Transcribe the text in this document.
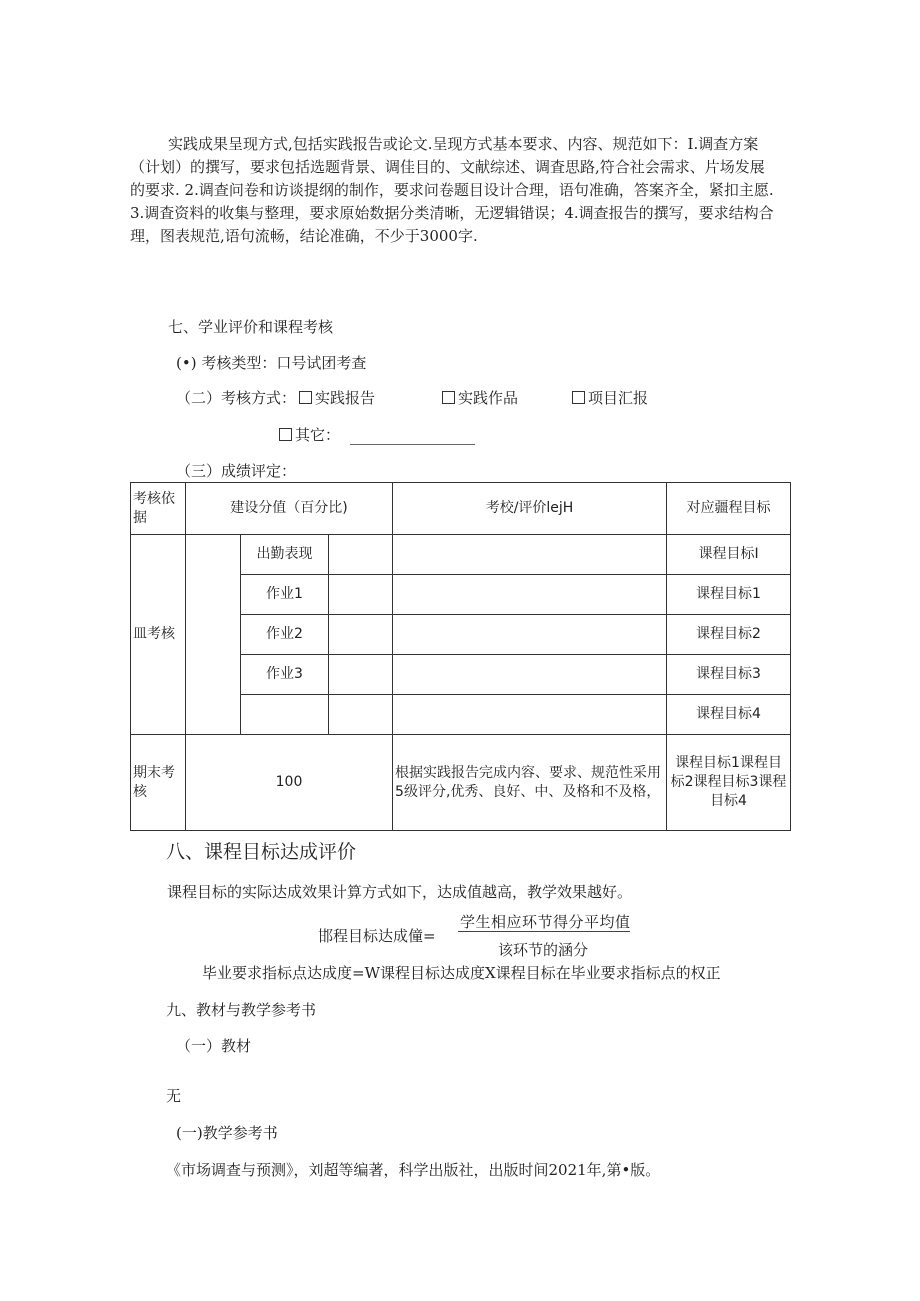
实践成果呈现方式,包括实践报告或论文.呈现方式基本要求、内容、规范如下：I.调查方案
（计划）的撰写，要求包括选题背景、调佳目的、文献综述、调査思路,符合社会需求、片场发展
的要求. 2.调查问卷和访谈提纲的制作，要求问卷题目设计合理，语句准确，答案齐全，紧扣主愿.
3.调査资料的收集与整理，要求原始数据分类清晰，无逻辑错误；4.调查报告的撰写，要求结构合
理，图表规范,语句流畅，结论准确，不少于3000字.
七、学业评价和课程考核
(•) 考核类型：口号试团考查
（二）考核方式：	实践报告	实践作品	项目汇报
其它：
（三）成绩评定：
考核依据	建设分值（百分比)			考校/评价lejH	对应疆程目标
皿考核		出勤表现			课程目标I
		作业1			课程目标1
		作业2			课程目标2
		作业3			课程目标3
					课程目标4
期末考核	100			根据实践报告完成内容、要求、规范性采用5级评分,优秀、良好、中、及格和不及格，	课程目标1课程目标2课程目标3课程目标4
八、课程目标达成评价
课程目标的实际达成效果计算方式如下，达成值越高，教学效果越好。
邯程目标达成僮=
学生相应环节得分平均值
该环节的涵分
毕业要求指标点达成度=W课程目标达成度X课程目标在毕业要求指标点的权正
九、教材与教学参考书
（一）教材
无
(一)教学参考书
《市场调查与预测》，刘超等编著，科学出版社，出版时间2021年,第•版。
